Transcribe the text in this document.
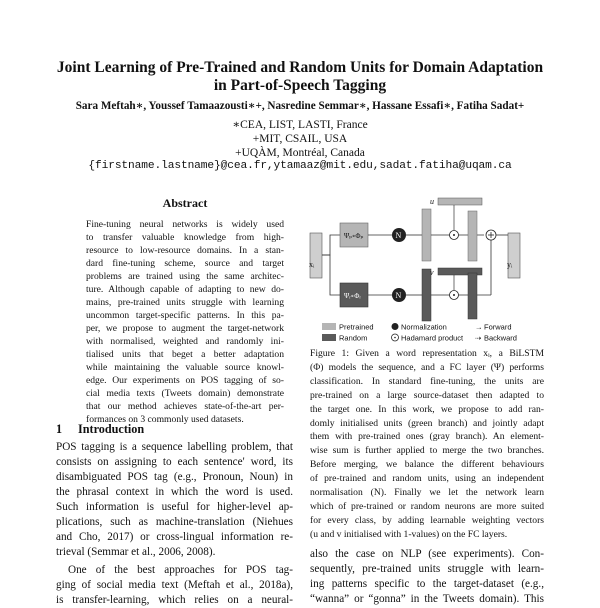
Joint Learning of Pre-Trained and Random Units for Domain Adaptation
in Part-of-Speech Tagging
Sara Meftah∗, Youssef Tamaazousti∗+, Nasredine Semmar∗, Hassane Essafi∗, Fatiha Sadat+
∗CEA, LIST, LASTI, France
+MIT, CSAIL, USA
+UQÀM, Montréal, Canada
{firstname.lastname}@cea.fr,ytamaaz@mit.edu,sadat.fatiha@uqam.ca
Abstract
Fine-tuning neural networks is widely used
to transfer valuable knowledge from high-
resource to low-resource domains. In a stan-
dard fine-tuning scheme, source and target
problems are trained using the same architec-
ture. Although capable of adapting to new do-
mains, pre-trained units struggle with learning
uncommon target-specific patterns. In this pa-
per, we propose to augment the target-network
with normalised, weighted and randomly ini-
tialised units that beget a better adaptation
while maintaining the valuable source knowl-
edge. Our experiments on POS tagging of so-
cial media texts (Tweets domain) demonstrate
that our method achieves state-of-the-art per-
formances on 3 commonly used datasets.
1 Introduction
POS tagging is a sequence labelling problem, that
consists on assigning to each sentence' word, its
disambiguated POS tag (e.g., Pronoun, Noun) in
the phrasal context in which the word is used.
Such information is useful for higher-level ap-
plications, such as machine-translation (Niehues
and Cho, 2017) or cross-lingual information re-
trieval (Semmar et al., 2006, 2008).
One of the best approaches for POS tag-
ging of social media text (Meftah et al., 2018a),
is transfer-learning, which relies on a neural-
xᵢ	yᵢ
Ψₚ∘Φₚ
Ψᵣ∘Φᵣ
N
N
u
v
Pretrained
Random
Normalization
Hadamard product
→ Forward
⇢ Backward
Figure 1: Given a word representation xᵢ, a BiLSTM
(Φ) models the sequence, and a FC layer (Ψ) performs
classification. In standard fine-tuning, the units are
pre-trained on a large source-dataset then adapted to
the target one. In this work, we propose to add ran-
domly initialised units (green branch) and jointly adapt
them with pre-trained ones (gray branch). An element-
wise sum is further applied to merge the two branches.
Before merging, we balance the different behaviours
of pre-trained and random units, using an independent
normalisation (N). Finally we let the network learn
which of pre-trained or random neurons are more suited
for every class, by adding learnable weighting vectors
(u and v initialised with 1-values) on the FC layers.
also the case on NLP (see experiments). Con-
sequently, pre-trained units struggle with learn-
ing patterns specific to the target-dataset (e.g.,
“wanna” or “gonna” in the Tweets domain). This
